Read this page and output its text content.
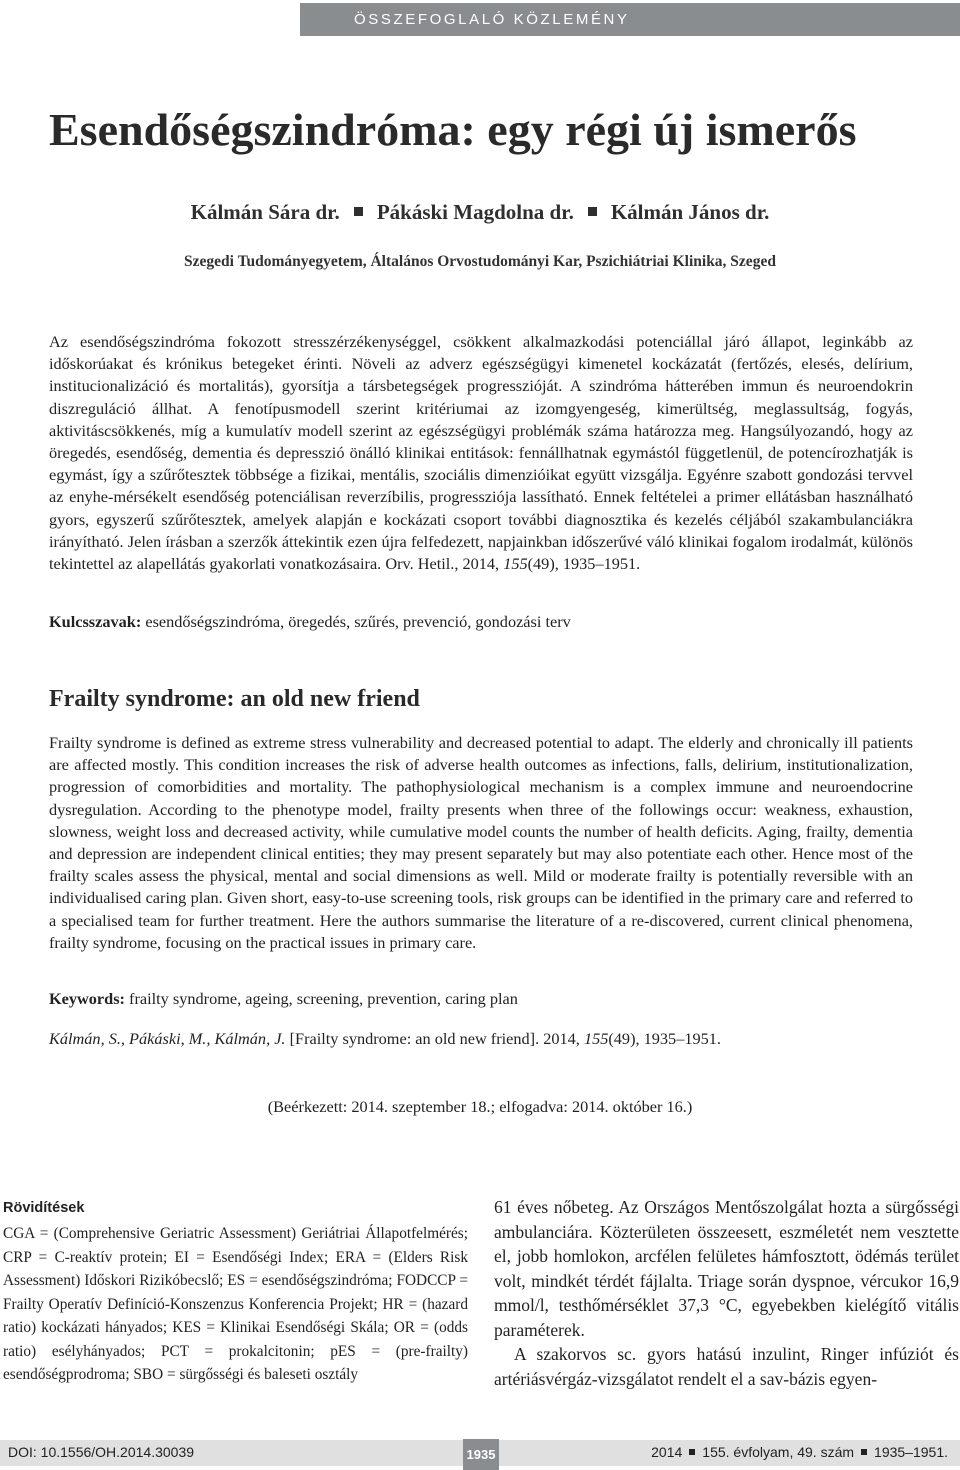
ÖSSZEFOGLALÓ KÖZLEMÉNY
Esendőségszindróma: egy régi új ismerős
Kálmán Sára dr. Pákáski Magdolna dr. Kálmán János dr.
Szegedi Tudományegyetem, Általános Orvostudományi Kar, Pszichiátriai Klinika, Szeged

Az esendőségszindróma fokozott stresszérzékenységgel, csökkent alkalmazkodási potenciállal járó állapot, leginkább az időskorúakat és krónikus betegeket érinti. Növeli az adverz egészségügyi kimenetel kockázatát (fertőzés, elesés, delírium, institucionalizáció és mortalitás), gyorsítja a társbetegségek progresszióját. A szindróma hátterében immun és neuroendokrin diszreguláció állhat. A fenotípusmodell szerint kritériumai az izomgyengeség, kimerültség, meglassultság, fogyás, aktivitáscsökkenés, míg a kumulatív modell szerint az egészségügyi problémák száma határozza meg. Hangsúlyozandó, hogy az öregedés, esendőség, dementia és depresszió önálló klinikai entitások: fennállhatnak egymástól függetlenül, de potencírozhatják is egymást, így a szűrőtesztek többsége a fizikai, mentális, szociális dimenzióikat együtt vizsgálja. Egyénre szabott gondozási tervvel az enyhe-mérsékelt esendőség potenciálisan reverzíbilis, progressziója lassítható. Ennek feltételei a primer ellátásban használható gyors, egyszerű szűrőtesztek, amelyek alapján e kockázati csoport további diagnosztika és kezelés céljából szakambulanciákra irányítható. Jelen írásban a szerzők áttekintik ezen újra felfedezett, napjainkban időszerűvé váló klinikai fogalom irodalmát, különös tekintettel az alapellátás gyakorlati vonatkozásaira. Orv. Hetil., 2014, 155(49), 1935–1951.

Kulcsszavak: esendőségszindróma, öregedés, szűrés, prevenció, gondozási terv
Frailty syndrome: an old new friend

Frailty syndrome is defined as extreme stress vulnerability and decreased potential to adapt. The elderly and chronically ill patients are affected mostly. This condition increases the risk of adverse health outcomes as infections, falls, delirium, institutionalization, progression of comorbidities and mortality. The pathophysiological mechanism is a complex immune and neuroendocrine dysregulation. According to the phenotype model, frailty presents when three of the followings occur: weakness, exhaustion, slowness, weight loss and decreased activity, while cumulative model counts the number of health deficits. Aging, frailty, dementia and depression are independent clinical entities; they may present separately but may also potentiate each other. Hence most of the frailty scales assess the physical, mental and social dimensions as well. Mild or moderate frailty is potentially reversible with an individualised caring plan. Given short, easy-to-use screening tools, risk groups can be identified in the primary care and referred to a specialised team for further treatment. Here the authors summarise the literature of a re-discovered, current clinical phenomena, frailty syndrome, focusing on the practical issues in primary care.

Keywords: frailty syndrome, ageing, screening, prevention, caring plan
Kálmán, S., Pákáski, M., Kálmán, J. [Frailty syndrome: an old new friend]. 2014, 155(49), 1935–1951.
(Beérkezett: 2014. szeptember 18.; elfogadva: 2014. október 16.)
Rövidítések

CGA = (Comprehensive Geriatric Assessment) Geriátriai Állapotfelmérés; CRP = C-reaktív protein; EI = Esendőségi Index; ERA = (Elders Risk Assessment) Időskori Rizikóbecslő; ES = esendőségszindróma; FODCCP = Frailty Operatív Definíció-Konszenzus Konferencia Projekt; HR = (hazard ratio) kockázati hányados; KES = Klinikai Esendőségi Skála; OR = (odds ratio) esélyhányados; PCT = prokalcitonin; pES = (pre-frailty) esendőségprodroma; SBO = sürgősségi és baleseti osztály

61 éves nőbeteg. Az Országos Mentőszolgálat hozta a sürgősségi ambulanciára. Közterületen összeesett, eszméletét nem vesztette el, jobb homlokon, arcfélen felületes hámfosztott, ödémás terület volt, mindkét térdét fájlalta. Triage során dyspnoe, vércukor 16,9 mmol/l, testhőmérséklet 37,3 °C, egyebekben kielégítő vitális paraméterek.

A szakorvos sc. gyors hatású inzulint, Ringer infúziót és artériásvérgáz-vizsgálatot rendelt el a sav-bázis egyen-

DOI: 10.1556/OH.2014.30039	1935	2014 155. évfolyam, 49. szám 1935–1951.
